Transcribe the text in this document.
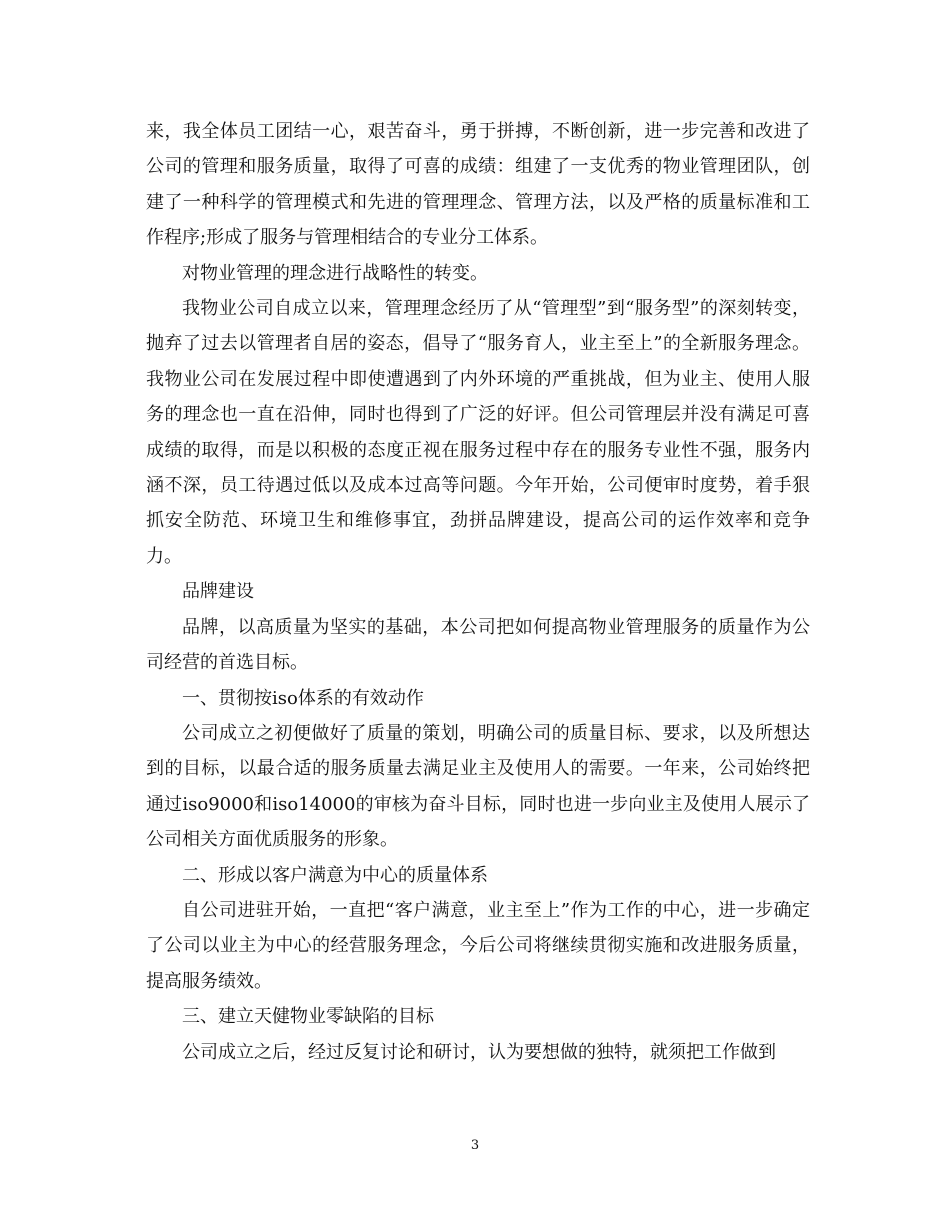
来，我全体员工团结一心，艰苦奋斗，勇于拼搏，不断创新，进一步完善和改进了公司的管理和服务质量，取得了可喜的成绩：组建了一支优秀的物业管理团队，创建了一种科学的管理模式和先进的管理理念、管理方法，以及严格的质量标准和工作程序;形成了服务与管理相结合的专业分工体系。

对物业管理的理念进行战略性的转变。

我物业公司自成立以来，管理理念经历了从“管理型”到“服务型”的深刻转变，抛弃了过去以管理者自居的姿态，倡导了“服务育人，业主至上”的全新服务理念。我物业公司在发展过程中即使遭遇到了内外环境的严重挑战，但为业主、使用人服务的理念也一直在沿伸，同时也得到了广泛的好评。但公司管理层并没有满足可喜成绩的取得，而是以积极的态度正视在服务过程中存在的服务专业性不强，服务内涵不深，员工待遇过低以及成本过高等问题。今年开始，公司便审时度势，着手狠抓安全防范、环境卫生和维修事宜，劲拼品牌建设，提高公司的运作效率和竞争力。

品牌建设

品牌，以高质量为坚实的基础，本公司把如何提高物业管理服务的质量作为公司经营的首选目标。

一、贯彻按iso体系的有效动作

公司成立之初便做好了质量的策划，明确公司的质量目标、要求，以及所想达到的目标，以最合适的服务质量去满足业主及使用人的需要。一年来，公司始终把通过iso9000和iso14000的审核为奋斗目标，同时也进一步向业主及使用人展示了公司相关方面优质服务的形象。

二、形成以客户满意为中心的质量体系

自公司进驻开始，一直把“客户满意，业主至上”作为工作的中心，进一步确定了公司以业主为中心的经营服务理念，今后公司将继续贯彻实施和改进服务质量，提高服务绩效。

三、建立天健物业零缺陷的目标

公司成立之后，经过反复讨论和研讨，认为要想做的独特，就须把工作做到

3
